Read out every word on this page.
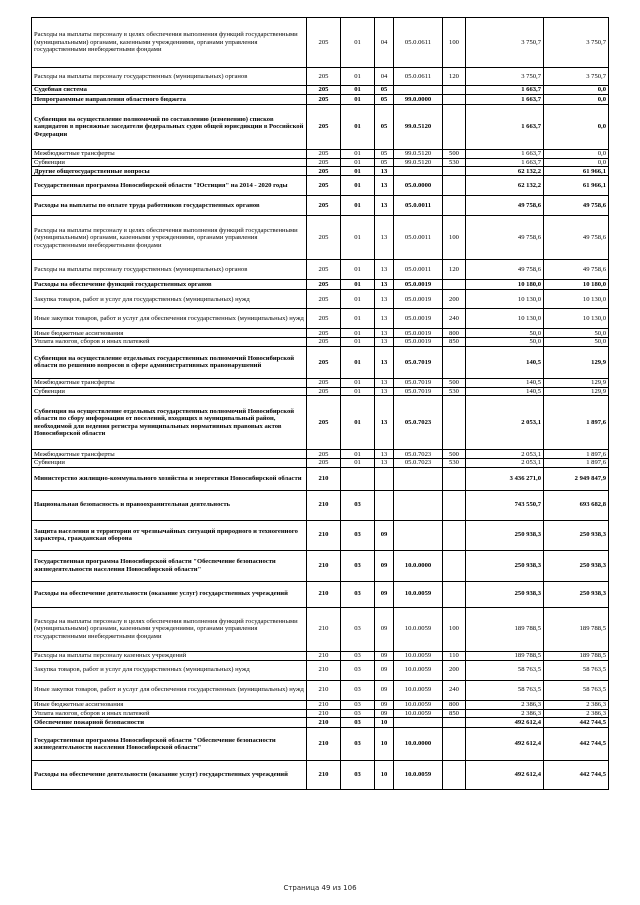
Расходы на выплаты персоналу в целях обеспечения выполнения функций государственными (муниципальными) органами, казенными учреждениями, органами управления государственными внебюджетными фондами	205	01	04	05.0.0611	100	3 750,7	3 750,7
Расходы на выплаты персоналу государственных (муниципальных) органов	205	01	04	05.0.0611	120	3 750,7	3 750,7
Судебная система	205	01	05			1 663,7	0,0
Непрограммные направления областного бюджета	205	01	05	99.0.0000		1 663,7	0,0
Субвенция на осуществление полномочий по составлению (изменению) списков кандидатов в присяжные заседатели федеральных судов общей юрисдикции в Российской Федерации	205	01	05	99.0.5120		1 663,7	0,0
Межбюджетные трансферты	205	01	05	99.0.5120	500	1 663,7	0,0
Субвенции	205	01	05	99.0.5120	530	1 663,7	0,0
Другие общегосударственные вопросы	205	01	13			62 132,2	61 966,1
Государственная программа Новосибирской области "Юстиция" на 2014 - 2020 годы	205	01	13	05.0.0000		62 132,2	61 966,1
Расходы на выплаты по оплате труда работников государственных органов	205	01	13	05.0.0011		49 758,6	49 758,6
Расходы на выплаты персоналу в целях обеспечения выполнения функций государственными (муниципальными) органами, казенными учреждениями, органами управления государственными внебюджетными фондами	205	01	13	05.0.0011	100	49 758,6	49 758,6
Расходы на выплаты персоналу государственных (муниципальных) органов	205	01	13	05.0.0011	120	49 758,6	49 758,6
Расходы на обеспечение функций государственных органов	205	01	13	05.0.0019		10 180,0	10 180,0
Закупка товаров, работ и услуг для государственных (муниципальных) нужд	205	01	13	05.0.0019	200	10 130,0	10 130,0
Иные закупки товаров, работ и услуг для обеспечения государственных (муниципальных) нужд	205	01	13	05.0.0019	240	10 130,0	10 130,0
Иные бюджетные ассигнования	205	01	13	05.0.0019	800	50,0	50,0
Уплата налогов, сборов и иных платежей	205	01	13	05.0.0019	850	50,0	50,0
Субвенция на осуществление отдельных государственных полномочий Новосибирской области по решению вопросов в сфере административных правонарушений	205	01	13	05.0.7019		140,5	129,9
Межбюджетные трансферты	205	01	13	05.0.7019	500	140,5	129,9
Субвенции	205	01	13	05.0.7019	530	140,5	129,9
Субвенция на осуществление отдельных государственных полномочий Новосибирской области по сбору информации от поселений, входящих в муниципальный район, необходимой для ведения регистра муниципальных нормативных правовых актов Новосибирской области	205	01	13	05.0.7023		2 053,1	1 897,6
Межбюджетные трансферты	205	01	13	05.0.7023	500	2 053,1	1 897,6
Субвенции	205	01	13	05.0.7023	530	2 053,1	1 897,6
Министерство жилищно-коммунального хозяйства и энергетики Новосибирской области	210					3 436 271,0	2 949 847,9
Национальная безопасность и правоохранительная деятельность	210	03				743 550,7	693 682,8
Защита населения и территории от чрезвычайных ситуаций природного и техногенного характера, гражданская оборона	210	03	09			250 938,3	250 938,3
Государственная программа Новосибирской области "Обеспечение безопасности жизнедеятельности населения Новосибирской области"	210	03	09	10.0.0000		250 938,3	250 938,3
Расходы на обеспечение деятельности (оказание услуг) государственных учреждений	210	03	09	10.0.0059		250 938,3	250 938,3
Расходы на выплаты персоналу в целях обеспечения выполнения функций государственными (муниципальными) органами, казенными учреждениями, органами управления государственными внебюджетными фондами	210	03	09	10.0.0059	100	189 788,5	189 788,5
Расходы на выплаты персоналу казенных учреждений	210	03	09	10.0.0059	110	189 788,5	189 788,5
Закупка товаров, работ и услуг для государственных (муниципальных) нужд	210	03	09	10.0.0059	200	58 763,5	58 763,5
Иные закупки товаров, работ и услуг для обеспечения государственных (муниципальных) нужд	210	03	09	10.0.0059	240	58 763,5	58 763,5
Иные бюджетные ассигнования	210	03	09	10.0.0059	800	2 386,3	2 386,3
Уплата налогов, сборов и иных платежей	210	03	09	10.0.0059	850	2 386,3	2 386,3
Обеспечение пожарной безопасности	210	03	10			492 612,4	442 744,5
Государственная программа Новосибирской области "Обеспечение безопасности жизнедеятельности населения Новосибирской области"	210	03	10	10.0.0000		492 612,4	442 744,5
Расходы на обеспечение деятельности (оказание услуг) государственных учреждений	210	03	10	10.0.0059		492 612,4	442 744,5
Страница 49 из 106
